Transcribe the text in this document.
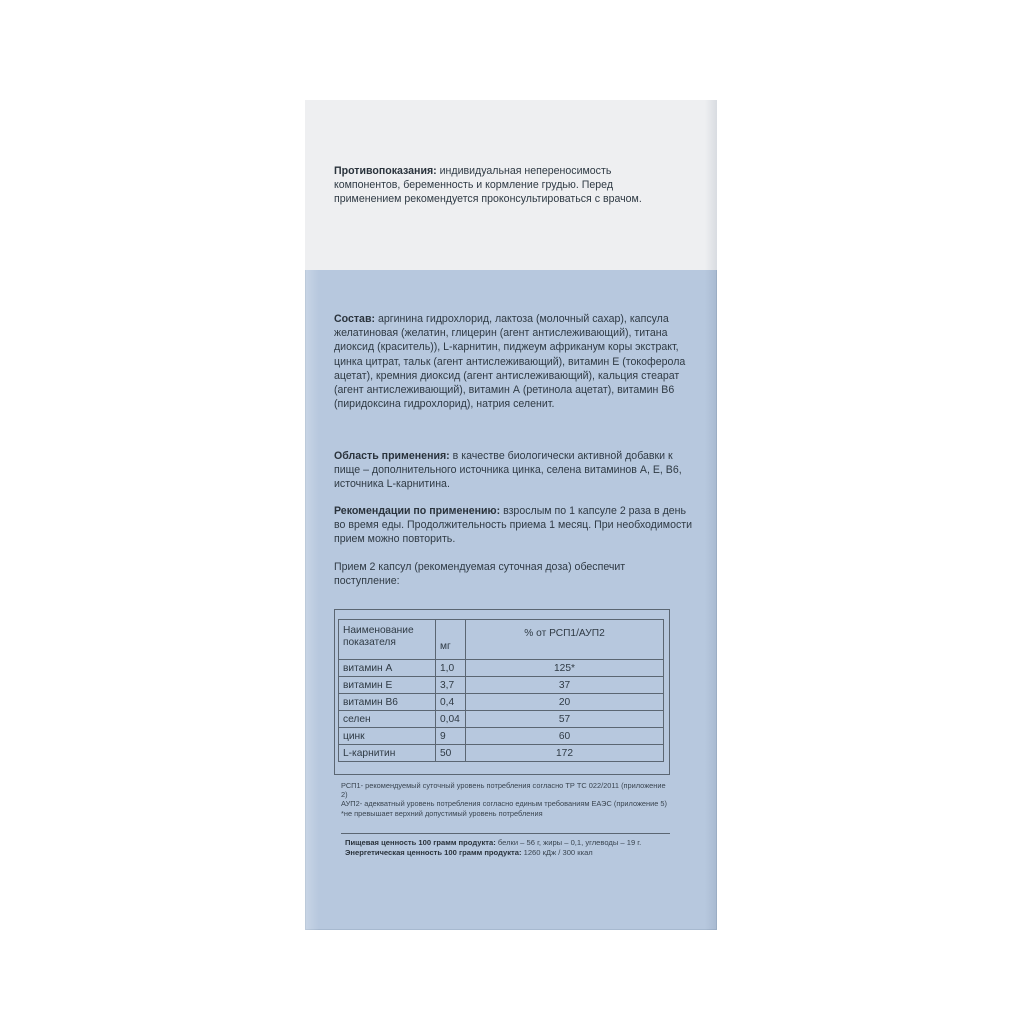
Противопоказания: индивидуальная непереносимость компонентов, беременность и кормление грудью. Перед применением рекомендуется проконсультироваться с врачом.

Состав: аргинина гидрохлорид, лактоза (молочный сахар), капсула желатиновая (желатин, глицерин (агент антислеживающий), титана диоксид (краситель)), L-карнитин, пиджеум африканум коры экстракт, цинка цитрат, тальк (агент антислеживающий), витамин Е (токоферола ацетат), кремния диоксид (агент антислеживающий), кальция стеарат (агент антислеживающий), витамин А (ретинола ацетат), витамин В6 (пиридоксина гидрохлорид), натрия селенит.

Область применения: в качестве биологически активной добавки к пище – дополнительного источника цинка, селена витаминов А, Е, В6, источника L-карнитина.

Рекомендации по применению: взрослым по 1 капсуле 2 раза в день во время еды. Продолжительность приема 1 месяц. При необходимости прием можно повторить.

Прием 2 капсул (рекомендуемая суточная доза) обеспечит поступление:

Наименование показателя	мг	% от РСП1/АУП2
витамин А	1,0	125*
витамин Е	3,7	37
витамин В6	0,4	20
селен	0,04	57
цинк	9	60
L-карнитин	50	172
РСП1- рекомендуемый суточный уровень потребления согласно ТР ТС 022/2011 (приложение 2)
АУП2- адекватный уровень потребления согласно единым требованиям ЕАЭС (приложение 5)
*не превышает верхний допустимый уровень потребления
Пищевая ценность 100 грамм продукта: белки – 56 г, жиры – 0,1, углеводы – 19 г.
Энергетическая ценность 100 грамм продукта: 1260 кДж / 300 ккал
